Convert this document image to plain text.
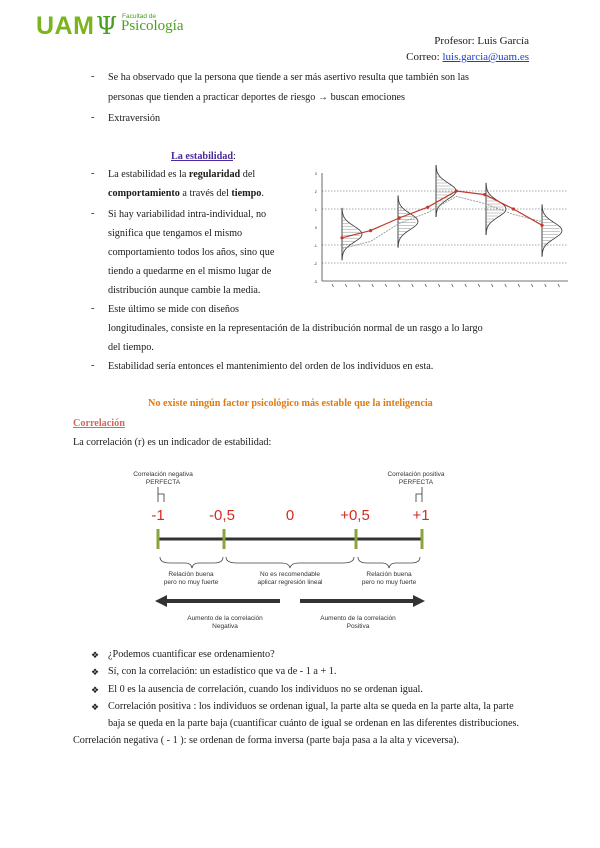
UAM Ψ Facultad de
Psicología
Profesor: Luis García
Correo: luis.garcia@uam.es
- Se ha observado que la persona que tiende a ser más asertivo resulta que también son las
personas que tienden a practicar deportes de riesgo → buscan emociones
- Extraversión
La estabilidad:
- La estabilidad es la regularidad del
comportamiento a través del tiempo.
- Si hay variabilidad intra-individual, no
significa que tengamos el mismo
comportamiento todos los años, sino que
tiendo a quedarme en el mismo lugar de
distribución aunque cambie la media.
- Este último se mide con diseños
longitudinales, consiste en la representación de la distribución normal de un rasgo a lo largo
del tiempo.
- Estabilidad sería entonces el mantenimiento del orden de los individuos en esta.
3
2
1
0
-1
-2
-3
No existe ningún factor psicológico más estable que la inteligencia
Correlación
La correlación (r) es un indicador de estabilidad:
Correlación negativa
PERFECTA
Correlación positiva
PERFECTA
-1	-0,5	0	+0,5	+1
Relación buena
pero no muy fuerte
No es recomendable
aplicar regresión lineal
Relación buena
pero no muy fuerte
Aumento de la correlación
Negativa
Aumento de la correlación
Positiva
❖ ¿Podemos cuantificar ese ordenamiento?
❖ Sí, con la correlación: un estadístico que va de - 1 a + 1.
❖ El 0 es la ausencia de correlación, cuando los individuos no se ordenan igual.
❖ Correlación positiva : los individuos se ordenan igual, la parte alta se queda en la parte alta, la parte
baja se queda en la parte baja (cuantificar cuánto de igual se ordenan en las diferentes distribuciones.
Correlación negativa ( - 1 ): se ordenan de forma inversa (parte baja pasa a la alta y viceversa).
